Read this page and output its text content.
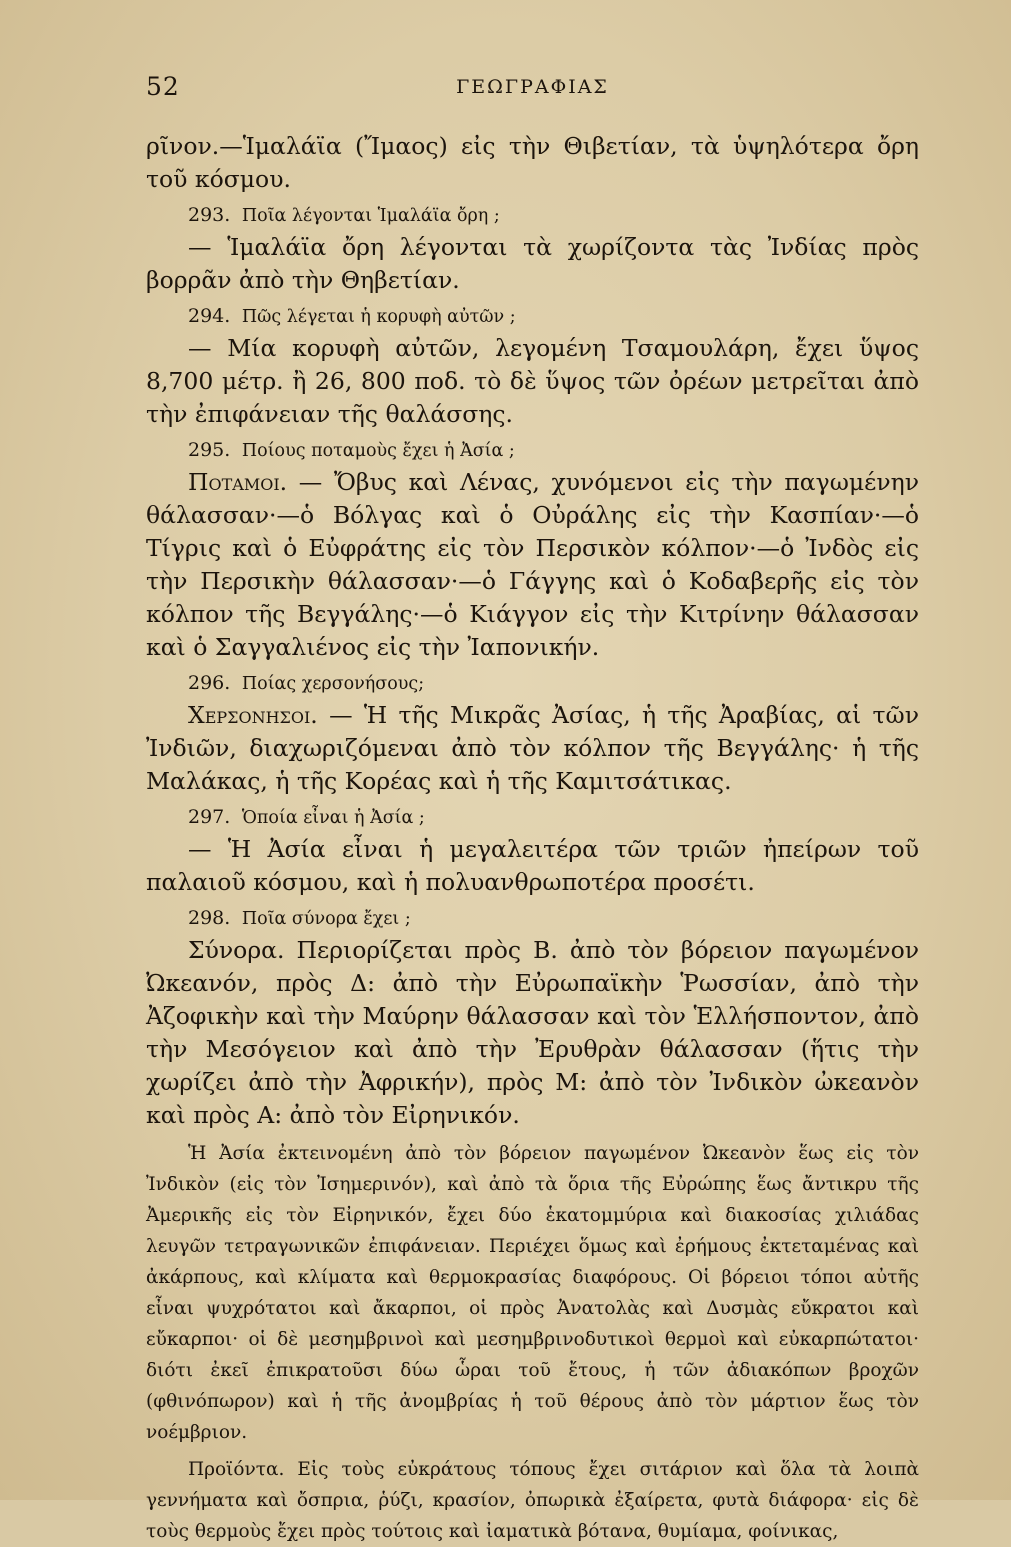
52	ΓΕΩΓΡΑΦΙΑΣ

ρῖνον.—Ἱμαλάϊα (Ἴμαος) εἰς τὴν Θιβετίαν, τὰ ὑψηλότερα ὄρη τοῦ κόσμου.

293. Ποῖα λέγονται Ἱμαλάϊα ὄρη ;

— Ἱμαλάϊα ὄρη λέγονται τὰ χωρίζοντα τὰς Ἰνδίας πρὸς βορρᾶν ἀπὸ τὴν Θηβετίαν.

294. Πῶς λέγεται ἡ κορυφὴ αὐτῶν ;

— Μία κορυφὴ αὐτῶν, λεγομένη Τσαμουλάρη, ἔχει ὕψος 8,700 μέτρ. ἢ 26, 800 ποδ. τὸ δὲ ὕψος τῶν ὀρέων μετρεῖται ἀπὸ τὴν ἐπιφάνειαν τῆς θαλάσσης.

295. Ποίους ποταμοὺς ἔχει ἡ Ἀσία ;

Ποταμοι. — Ὄβυς καὶ Λένας, χυνόμενοι εἰς τὴν παγωμένην θάλασσαν·—ὁ Βόλγας καὶ ὁ Οὐράλης εἰς τὴν Κασπίαν·—ὁ Τίγρις καὶ ὁ Εὐφράτης εἰς τὸν Περσικὸν κόλπον·—ὁ Ἰνδὸς εἰς τὴν Περσικὴν θάλασσαν·—ὁ Γάγγης καὶ ὁ Κοδαβερῆς εἰς τὸν κόλπον τῆς Βεγγάλης·—ὁ Κιάγγον εἰς τὴν Κιτρίνην θάλασσαν καὶ ὁ Σαγγαλιένος εἰς τὴν Ἰαπονικήν.

296. Ποίας χερσονήσους;

Χερσονησοι. — Ἡ τῆς Μικρᾶς Ἀσίας, ἡ τῆς Ἀραβίας, αἱ τῶν Ἰνδιῶν, διαχωριζόμεναι ἀπὸ τὸν κόλπον τῆς Βεγγάλης· ἡ τῆς Μαλάκας, ἡ τῆς Κορέας καὶ ἡ τῆς Καμιτσάτικας.

297. Ὁποία εἶναι ἡ Ἀσία ;

— Ἡ Ἀσία εἶναι ἡ μεγαλειτέρα τῶν τριῶν ἠπείρων τοῦ παλαιοῦ κόσμου, καὶ ἡ πολυανθρωποτέρα προσέτι.

298. Ποῖα σύνορα ἔχει ;

Σύνορα. Περιορίζεται πρὸς Β. ἀπὸ τὸν βόρειον παγωμένον Ὠκεανόν, πρὸς Δ: ἀπὸ τὴν Εὐρωπαϊκὴν Ῥωσσίαν, ἀπὸ τὴν Ἀζοφικὴν καὶ τὴν Μαύρην θάλασσαν καὶ τὸν Ἑλλήσποντον, ἀπὸ τὴν Μεσόγειον καὶ ἀπὸ τὴν Ἐρυθρὰν θάλασσαν (ἥτις τὴν χωρίζει ἀπὸ τὴν Ἀφρικήν), πρὸς Μ: ἀπὸ τὸν Ἰνδικὸν ὠκεανὸν καὶ πρὸς Α: ἀπὸ τὸν Εἰρηνικόν.

Ἡ Ἀσία ἐκτεινομένη ἀπὸ τὸν βόρειον παγωμένον Ὠκεανὸν ἕως εἰς τὸν Ἰνδικὸν (εἰς τὸν Ἰσημερινόν), καὶ ἀπὸ τὰ ὅρια τῆς Εὐρώπης ἕως ἄντικρυ τῆς Ἀμερικῆς εἰς τὸν Εἰρηνικόν, ἔχει δύο ἑκατομμύρια καὶ διακοσίας χιλιάδας λευγῶν τετραγωνικῶν ἐπιφάνειαν. Περιέχει ὅμως καὶ ἐρήμους ἐκτεταμένας καὶ ἀκάρπους, καὶ κλίματα καὶ θερμοκρασίας διαφόρους. Οἱ βόρειοι τόποι αὐτῆς εἶναι ψυχρότατοι καὶ ἄκαρποι, οἱ πρὸς Ἀνατολὰς καὶ Δυσμὰς εὔκρατοι καὶ εὔκαρποι· οἱ δὲ μεσημβρινοὶ καὶ μεσημβρινοδυτικοὶ θερμοὶ καὶ εὐκαρπώτατοι· διότι ἐκεῖ ἐπικρατοῦσι δύω ὧραι τοῦ ἔτους, ἡ τῶν ἀδιακόπων βροχῶν (φθινόπωρον) καὶ ἡ τῆς ἀνομβρίας ἡ τοῦ θέρους ἀπὸ τὸν μάρτιον ἕως τὸν νοέμβριον.

Προϊόντα. Εἰς τοὺς εὐκράτους τόπους ἔχει σιτάριον καὶ ὅλα τὰ λοιπὰ γεννήματα καὶ ὄσπρια, ῥύζι, κρασίον, ὀπωρικὰ ἐξαίρετα, φυτὰ διάφορα· εἰς δὲ τοὺς θερμοὺς ἔχει πρὸς τούτοις καὶ ἰαματικὰ βότανα, θυμίαμα, φοίνικας,
